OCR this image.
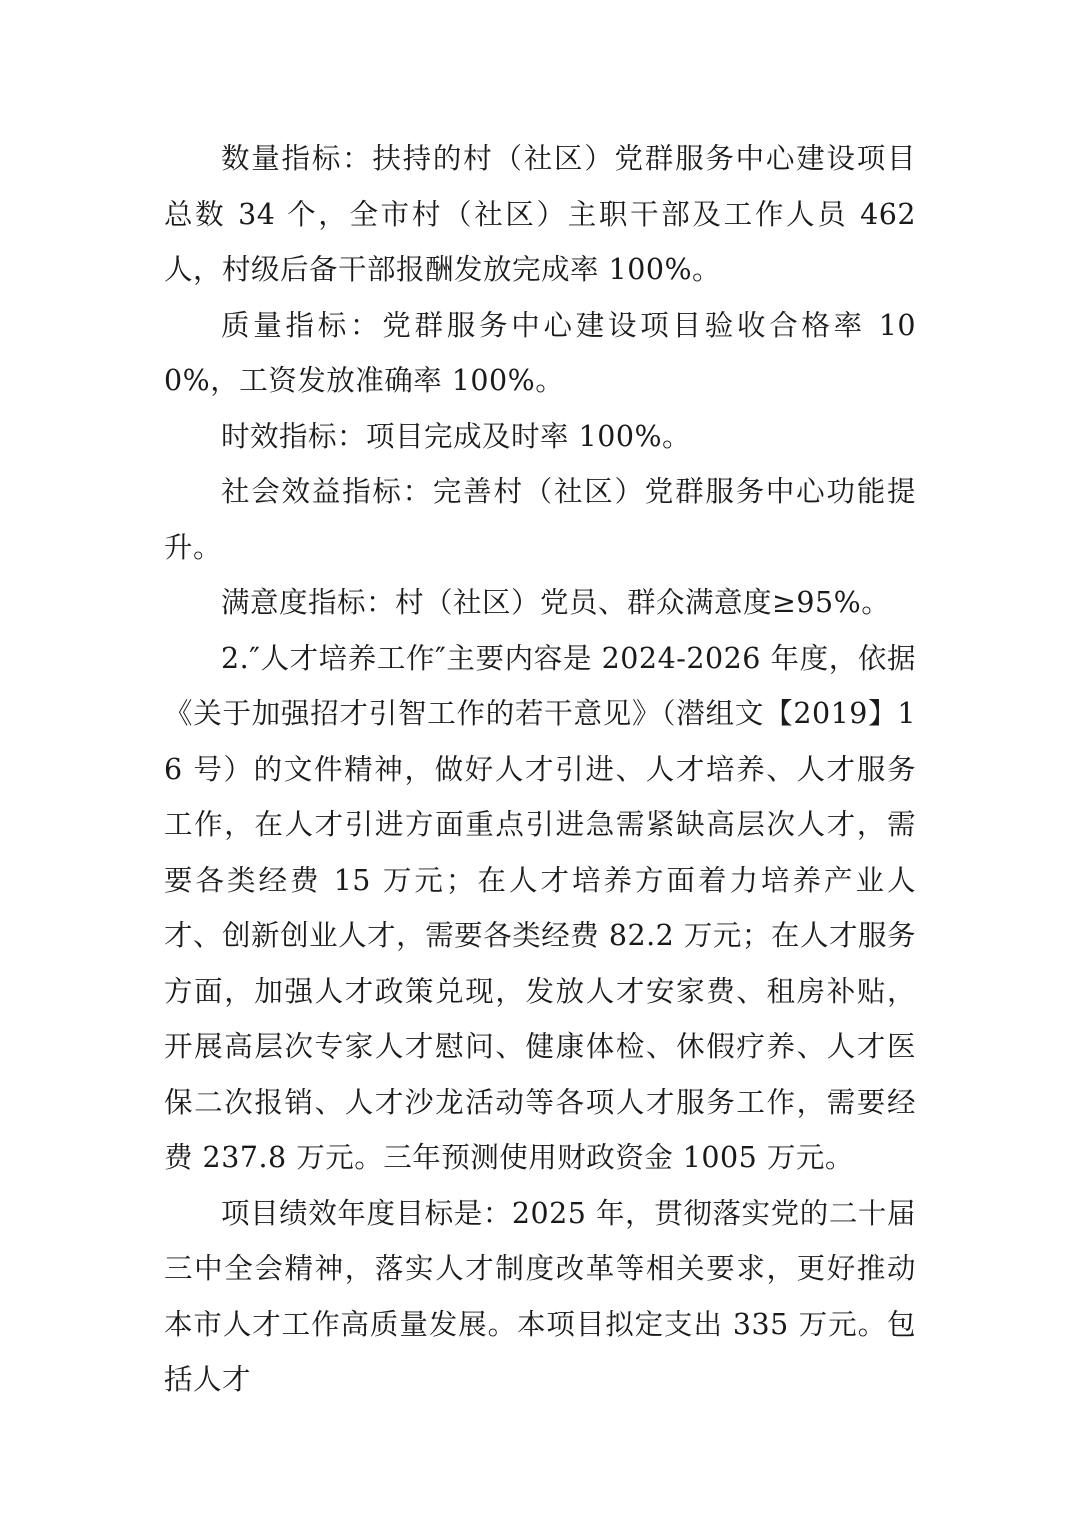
数量指标：扶持的村（社区）党群服务中心建设项目总数 34 个，全市村（社区）主职干部及工作人员 462 人，村级后备干部报酬发放完成率 100%。

质量指标：党群服务中心建设项目验收合格率 100%，工资发放准确率 100%。

时效指标：项目完成及时率 100%。

社会效益指标：完善村（社区）党群服务中心功能提升。

满意度指标：村（社区）党员、群众满意度≥95%。

2.″人才培养工作″主要内容是 2024-2026 年度，依据《关于加强招才引智工作的若干意见》（潜组文【2019】16 号）的文件精神，做好人才引进、人才培养、人才服务工作，在人才引进方面重点引进急需紧缺高层次人才，需要各类经费 15 万元；在人才培养方面着力培养产业人才、创新创业人才，需要各类经费 82.2 万元；在人才服务方面，加强人才政策兑现，发放人才安家费、租房补贴，开展高层次专家人才慰问、健康体检、休假疗养、人才医保二次报销、人才沙龙活动等各项人才服务工作，需要经费 237.8 万元。三年预测使用财政资金 1005 万元。

项目绩效年度目标是：2025 年，贯彻落实党的二十届三中全会精神，落实人才制度改革等相关要求，更好推动本市人才工作高质量发展。本项目拟定支出 335 万元。包括人才
